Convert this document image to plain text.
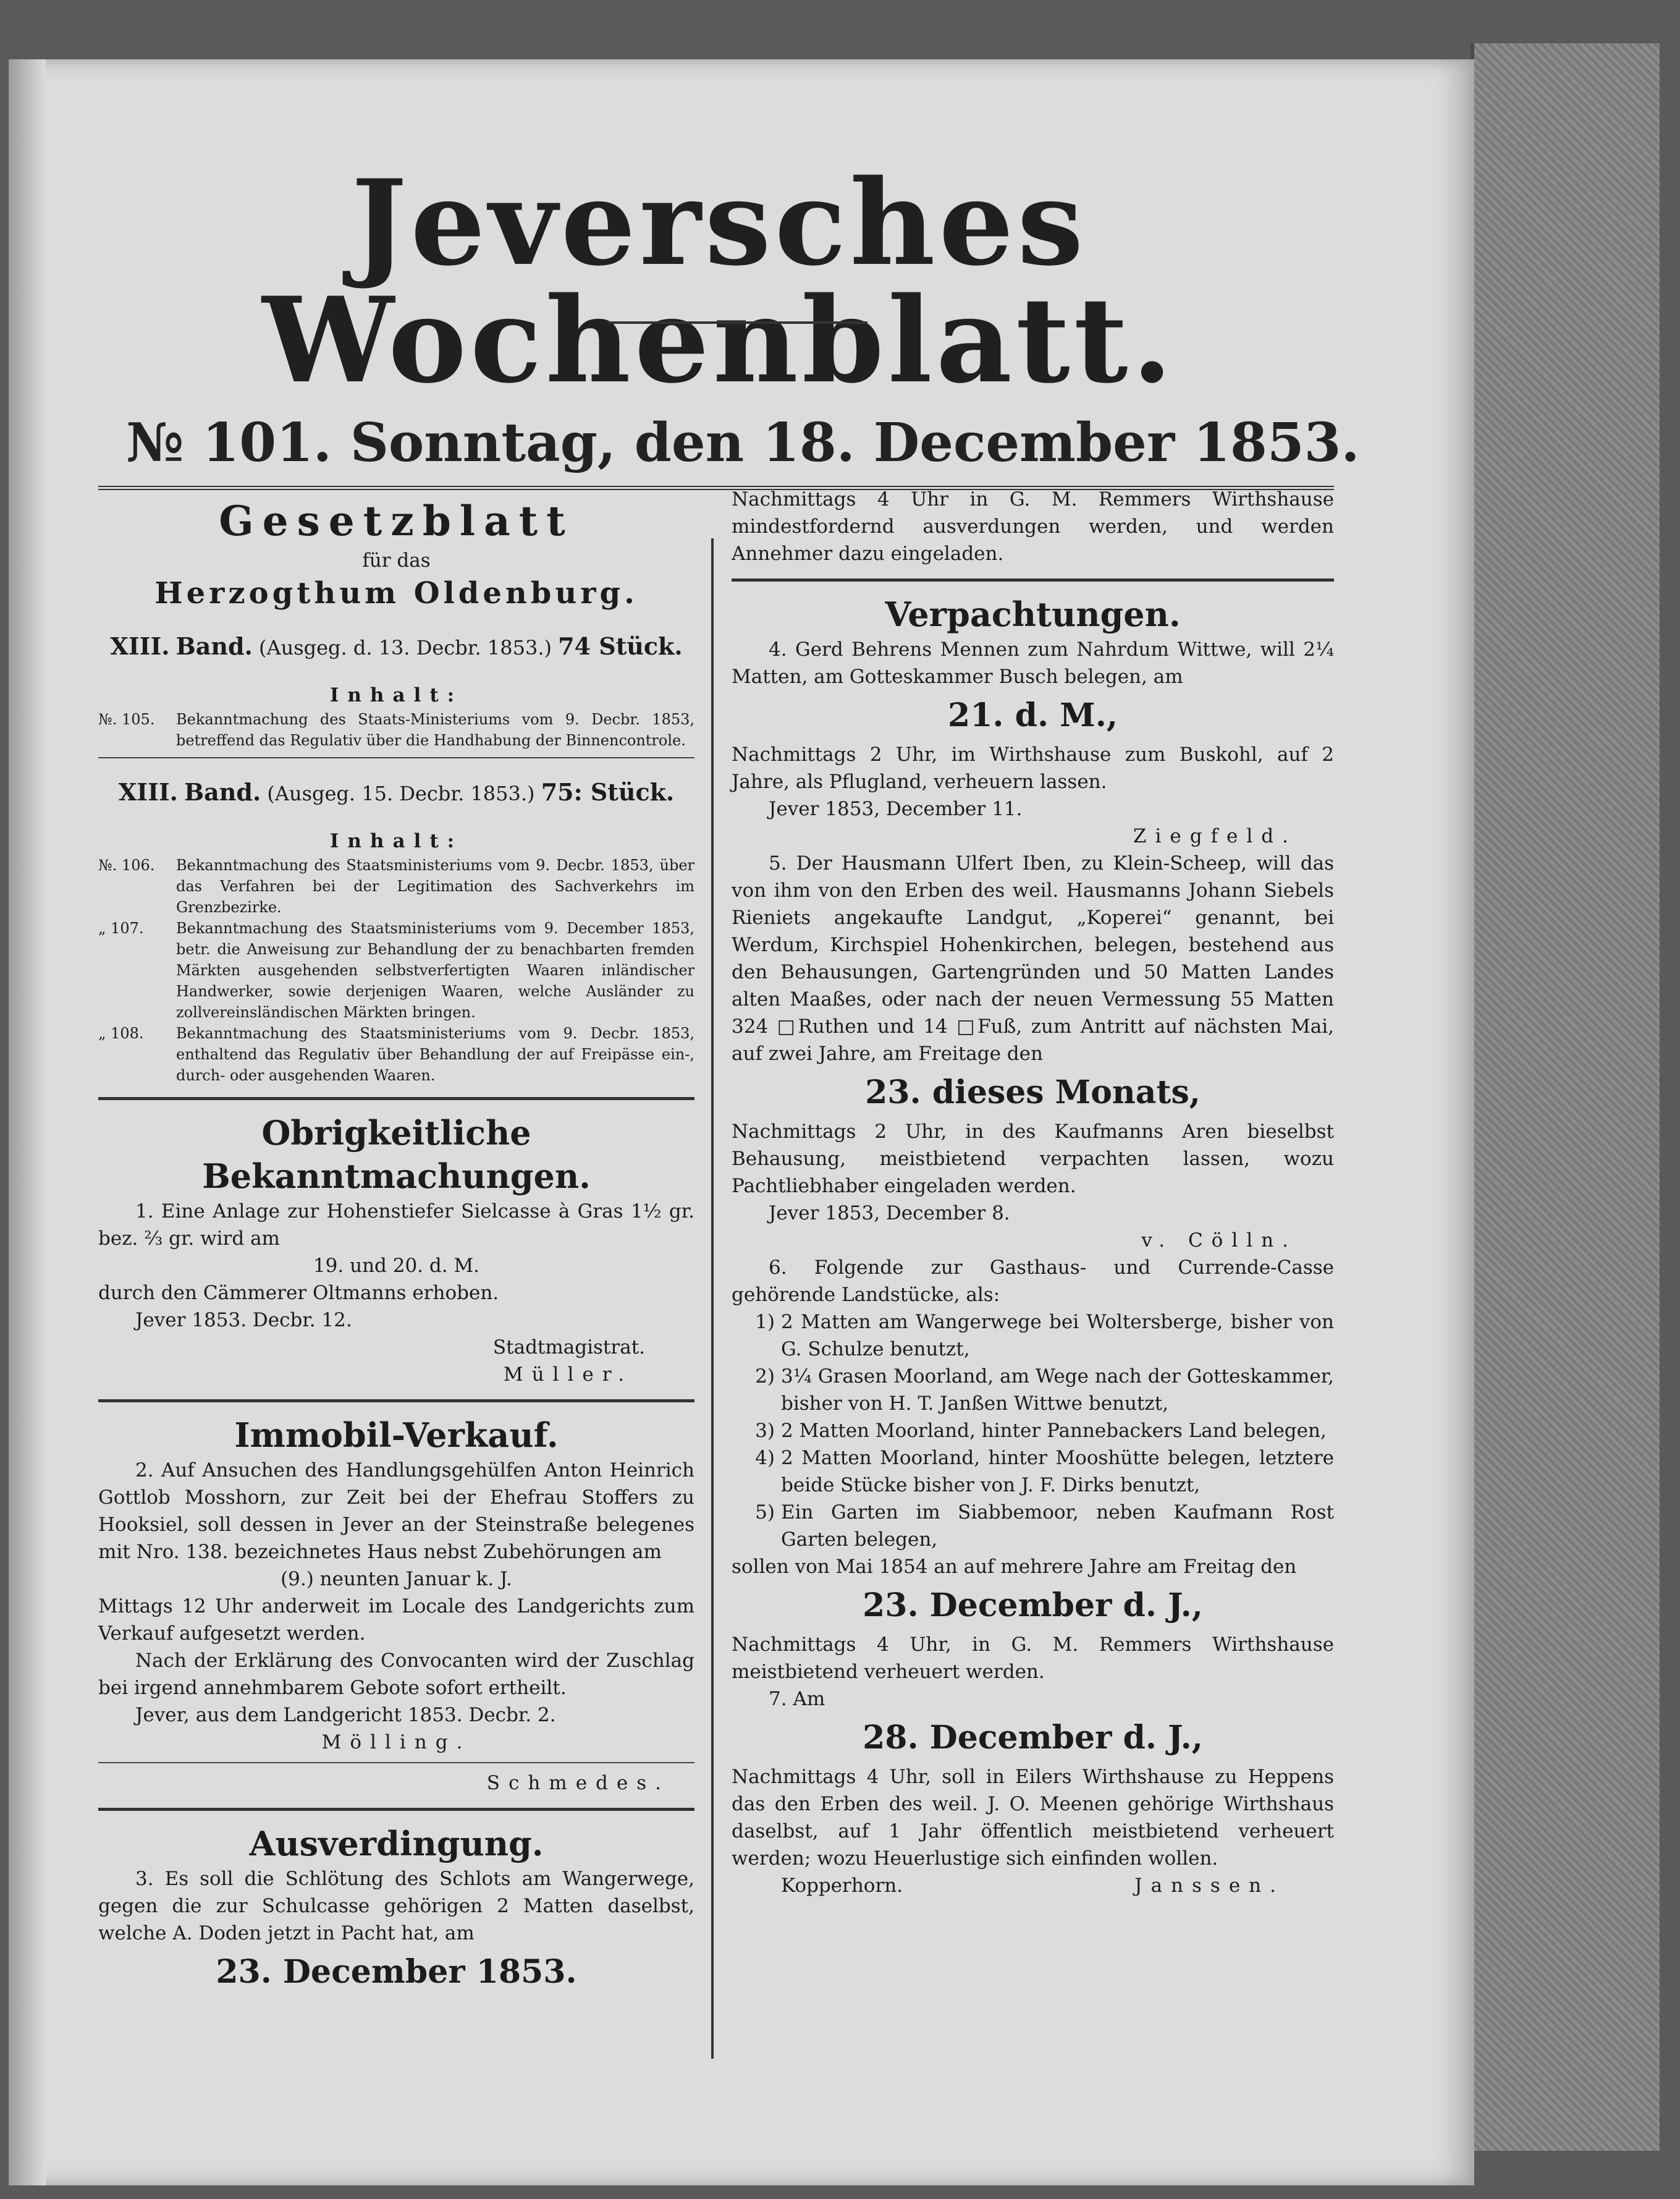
Jeversches Wochenblatt.
№ 101. Sonntag, den 18. December 1853.

Gesetzblatt

für das

Herzogthum Oldenburg.

XIII. Band. (Ausgeg. d. 13. Decbr. 1853.) 74 Stück.

Inhalt:

№. 105.	Bekanntmachung des Staats-Ministeriums vom 9. Decbr. 1853, betreffend das Regulativ über die Handhabung der Binnencontrole.

XIII. Band. (Ausgeg. 15. Decbr. 1853.) 75: Stück.

Inhalt:

№. 106.	Bekanntmachung des Staatsministeriums vom 9. Decbr. 1853, über das Verfahren bei der Legitimation des Sachverkehrs im Grenzbezirke.
„ 107.	Bekanntmachung des Staatsministeriums vom 9. December 1853, betr. die Anweisung zur Behandlung der zu benachbarten fremden Märkten ausgehenden selbstverfertigten Waaren inländischer Handwerker, sowie derjenigen Waaren, welche Ausländer zu zollvereinsländischen Märkten bringen.
„ 108.	Bekanntmachung des Staatsministeriums vom 9. Decbr. 1853, enthaltend das Regulativ über Behandlung der auf Freipässe ein-, durch- oder ausgehenden Waaren.

Obrigkeitliche Bekanntmachungen.

1. Eine Anlage zur Hohenstiefer Sielcasse à Gras 1½ gr. bez. ⅔ gr. wird am

19. und 20. d. M.

durch den Cämmerer Oltmanns erhoben.

Jever 1853. Decbr. 12.

Stadtmagistrat.

Müller.

Immobil-Verkauf.

2. Auf Ansuchen des Handlungsgehülfen Anton Heinrich Gottlob Mosshorn, zur Zeit bei der Ehefrau Stoffers zu Hooksiel, soll dessen in Jever an der Steinstraße belegenes mit Nro. 138. bezeichnetes Haus nebst Zubehörungen am

(9.) neunten Januar k. J.

Mittags 12 Uhr anderweit im Locale des Landgerichts zum Verkauf aufgesetzt werden.

Nach der Erklärung des Convocanten wird der Zuschlag bei irgend annehmbarem Gebote sofort ertheilt.

Jever, aus dem Landgericht 1853. Decbr. 2.

Mölling.

Schmedes.

Ausverdingung.

3. Es soll die Schlötung des Schlots am Wangerwege, gegen die zur Schulcasse gehörigen 2 Matten daselbst, welche A. Doden jetzt in Pacht hat, am

23. December 1853.

Nachmittags 4 Uhr in G. M. Remmers Wirthshause mindestfordernd ausverdungen werden, und werden Annehmer dazu eingeladen.

Verpachtungen.

4. Gerd Behrens Mennen zum Nahrdum Wittwe, will 2¼ Matten, am Gotteskammer Busch belegen, am

21. d. M.,

Nachmittags 2 Uhr, im Wirthshause zum Buskohl, auf 2 Jahre, als Pflugland, verheuern lassen.

Jever 1853, December 11.

Ziegfeld.

5. Der Hausmann Ulfert Iben, zu Klein-Scheep, will das von ihm von den Erben des weil. Hausmanns Johann Siebels Rieniets angekaufte Landgut, „Koperei“ genannt, bei Werdum, Kirchspiel Hohenkirchen, belegen, bestehend aus den Behausungen, Gartengründen und 50 Matten Landes alten Maaßes, oder nach der neuen Vermessung 55 Matten 324 □Ruthen und 14 □Fuß, zum Antritt auf nächsten Mai, auf zwei Jahre, am Freitage den

23. dieses Monats,

Nachmittags 2 Uhr, in des Kaufmanns Aren bieselbst Behausung, meistbietend verpachten lassen, wozu Pachtliebhaber eingeladen werden.

Jever 1853, December 8.

v. Cölln.

6. Folgende zur Gasthaus- und Currende-Casse gehörende Landstücke, als:

1) 2 Matten am Wangerwege bei Woltersberge, bisher von G. Schulze benutzt,
2) 3¼ Grasen Moorland, am Wege nach der Gotteskammer, bisher von H. T. Janßen Wittwe benutzt,
3) 2 Matten Moorland, hinter Pannebackers Land belegen,
4) 2 Matten Moorland, hinter Mooshütte belegen, letztere beide Stücke bisher von J. F. Dirks benutzt,
5) Ein Garten im Siabbemoor, neben Kaufmann Rost Garten belegen,

sollen von Mai 1854 an auf mehrere Jahre am Freitag den

23. December d. J.,

Nachmittags 4 Uhr, in G. M. Remmers Wirthshause meistbietend verheuert werden.

7. Am

28. December d. J.,

Nachmittags 4 Uhr, soll in Eilers Wirthshause zu Heppens das den Erben des weil. J. O. Meenen gehörige Wirthshaus daselbst, auf 1 Jahr öffentlich meistbietend verheuert werden; wozu Heuerlustige sich einfinden wollen.

Kopperhorn.	Janssen.
